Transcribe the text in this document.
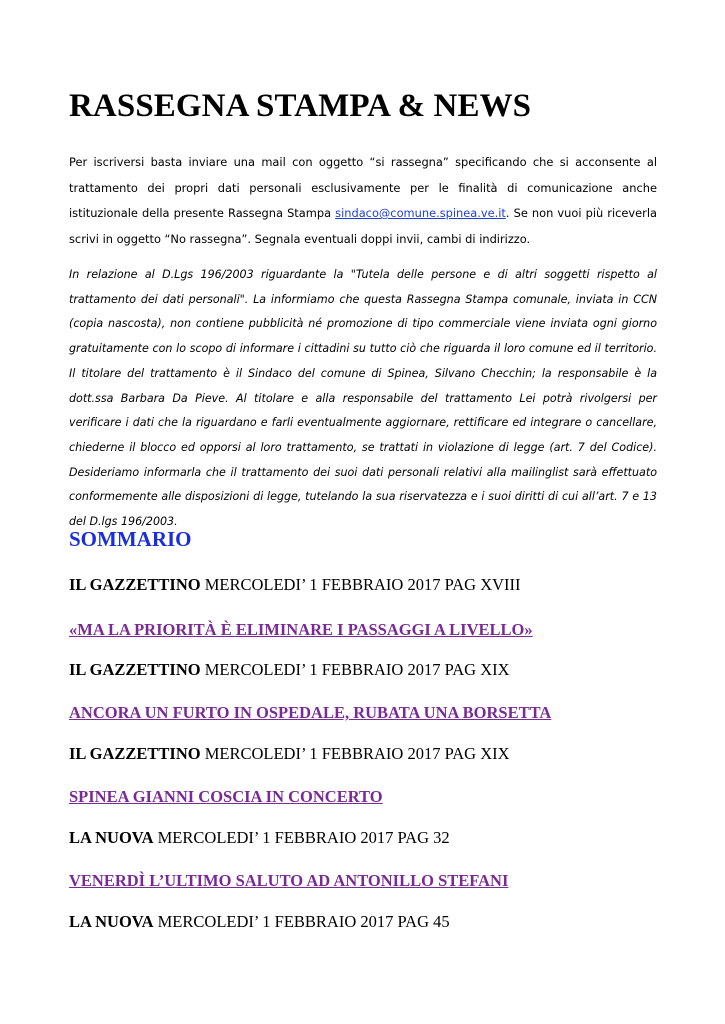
RASSEGNA STAMPA & NEWS

Per iscriversi basta inviare una mail con oggetto “si rassegna” specificando che si acconsente al trattamento dei propri dati personali esclusivamente per le finalità di comunicazione anche istituzionale della presente Rassegna Stampa sindaco@comune.spinea.ve.it. Se non vuoi più riceverla scrivi in oggetto “No rassegna”. Segnala eventuali doppi invii, cambi di indirizzo.

In relazione al D.Lgs 196/2003 riguardante la "Tutela delle persone e di altri soggetti rispetto al trattamento dei dati personali". La informiamo che questa Rassegna Stampa comunale, inviata in CCN (copia nascosta), non contiene pubblicità né promozione di tipo commerciale viene inviata ogni giorno gratuitamente con lo scopo di informare i cittadini su tutto ciò che riguarda il loro comune ed il territorio. Il titolare del trattamento è il Sindaco del comune di Spinea, Silvano Checchin; la responsabile è la dott.ssa Barbara Da Pieve. Al titolare e alla responsabile del trattamento Lei potrà rivolgersi per verificare i dati che la riguardano e farli eventualmente aggiornare, rettificare ed integrare o cancellare, chiederne il blocco ed opporsi al loro trattamento, se trattati in violazione di legge (art. 7 del Codice). Desideriamo informarla che il trattamento dei suoi dati personali relativi alla mailinglist sarà effettuato conformemente alle disposizioni di legge, tutelando la sua riservatezza e i suoi diritti di cui all’art. 7 e 13 del D.lgs 196/2003.

SOMMARIO

IL GAZZETTINO MERCOLEDI’ 1 FEBBRAIO 2017 PAG XVIII

«MA LA PRIORITÀ È ELIMINARE I PASSAGGI A LIVELLO»

IL GAZZETTINO MERCOLEDI’ 1 FEBBRAIO 2017 PAG XIX

ANCORA UN FURTO IN OSPEDALE, RUBATA UNA BORSETTA

IL GAZZETTINO MERCOLEDI’ 1 FEBBRAIO 2017 PAG XIX

SPINEA GIANNI COSCIA IN CONCERTO

LA NUOVA MERCOLEDI’ 1 FEBBRAIO 2017 PAG 32

VENERDÌ L’ULTIMO SALUTO AD ANTONILLO STEFANI

LA NUOVA MERCOLEDI’ 1 FEBBRAIO 2017 PAG 45
